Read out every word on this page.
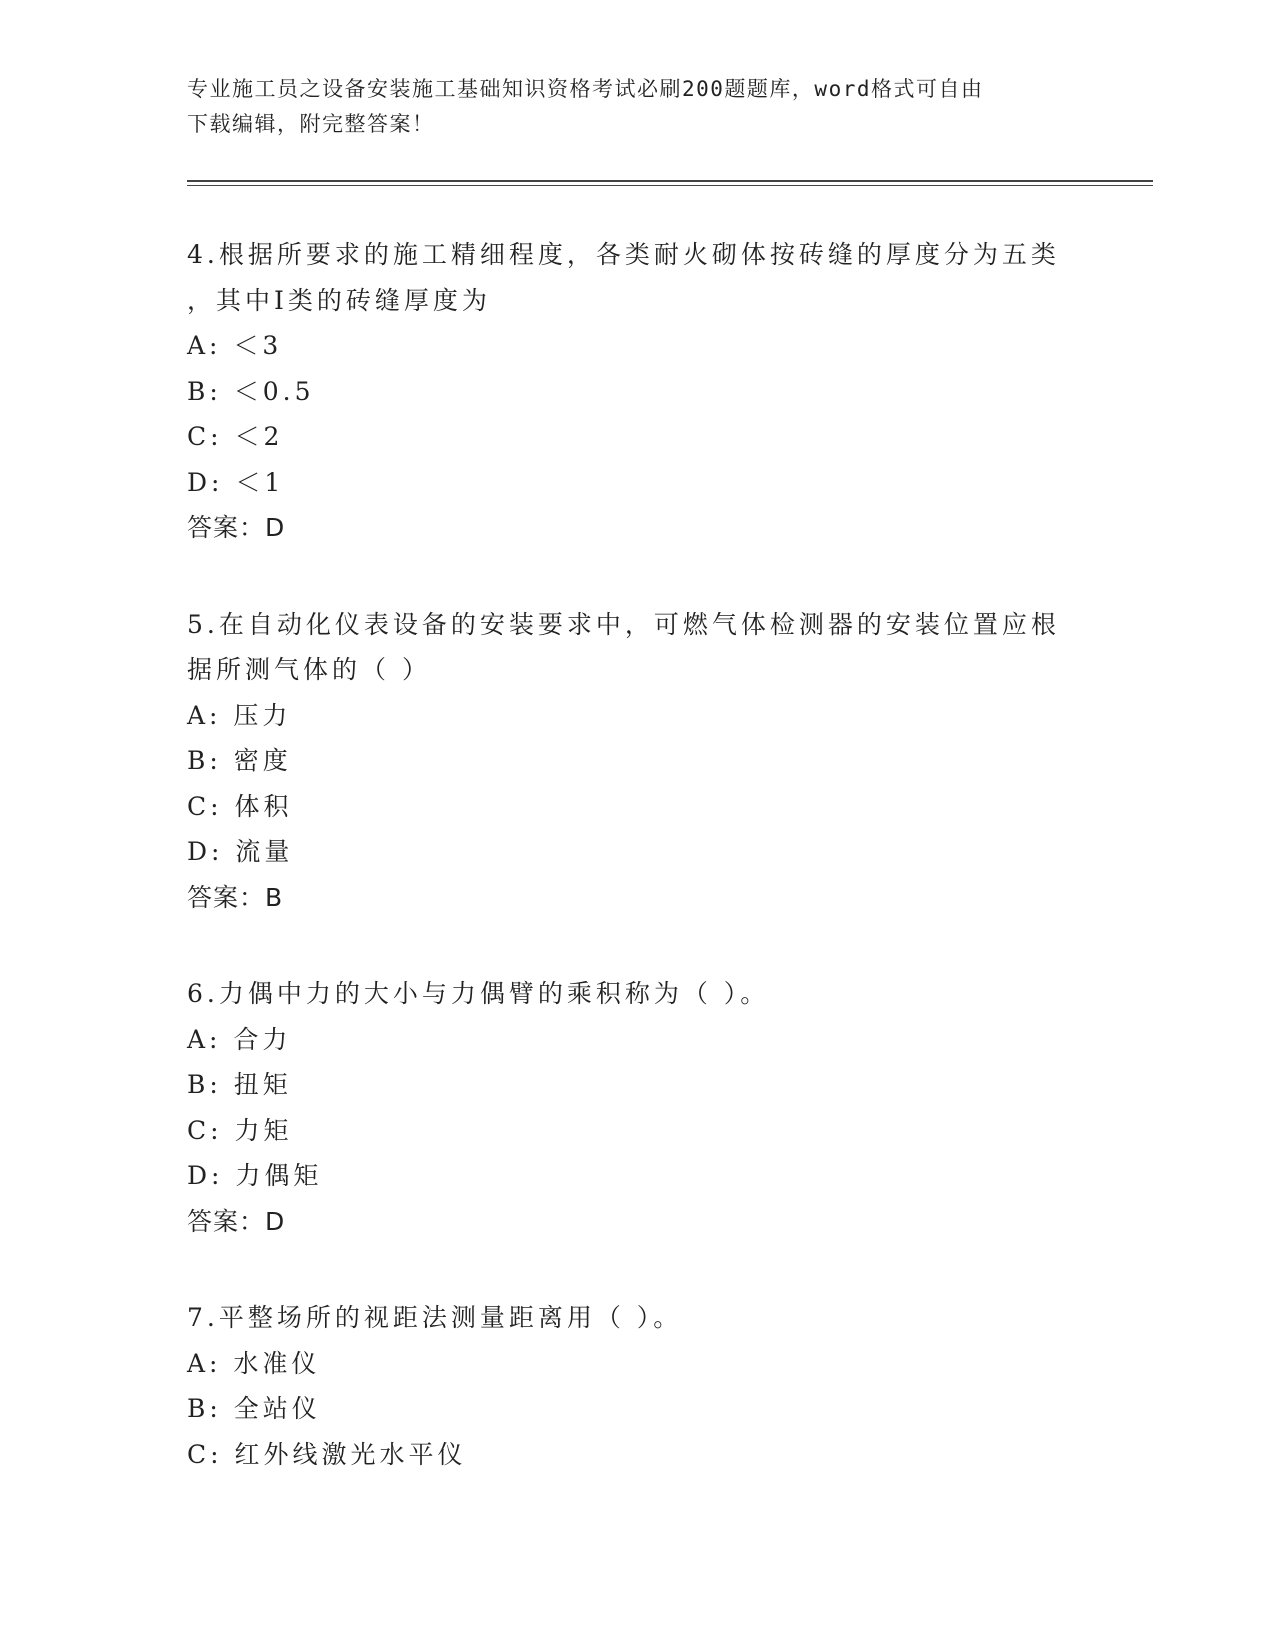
专业施工员之设备安装施工基础知识资格考试必刷200题题库，word格式可自由
下载编辑，附完整答案！
4.根据所要求的施工精细程度，各类耐火砌体按砖缝的厚度分为五类
，其中Ⅰ类的砖缝厚度为
A: ＜3
B: ＜0.5
C: ＜2
D: ＜1
答案：D
5.在自动化仪表设备的安装要求中，可燃气体检测器的安装位置应根
据所测气体的（ ）
A: 压力
B: 密度
C: 体积
D: 流量
答案：B
6.力偶中力的大小与力偶臂的乘积称为（ ）。
A: 合力
B: 扭矩
C: 力矩
D: 力偶矩
答案：D
7.平整场所的视距法测量距离用（ ）。
A: 水准仪
B: 全站仪
C: 红外线激光水平仪
